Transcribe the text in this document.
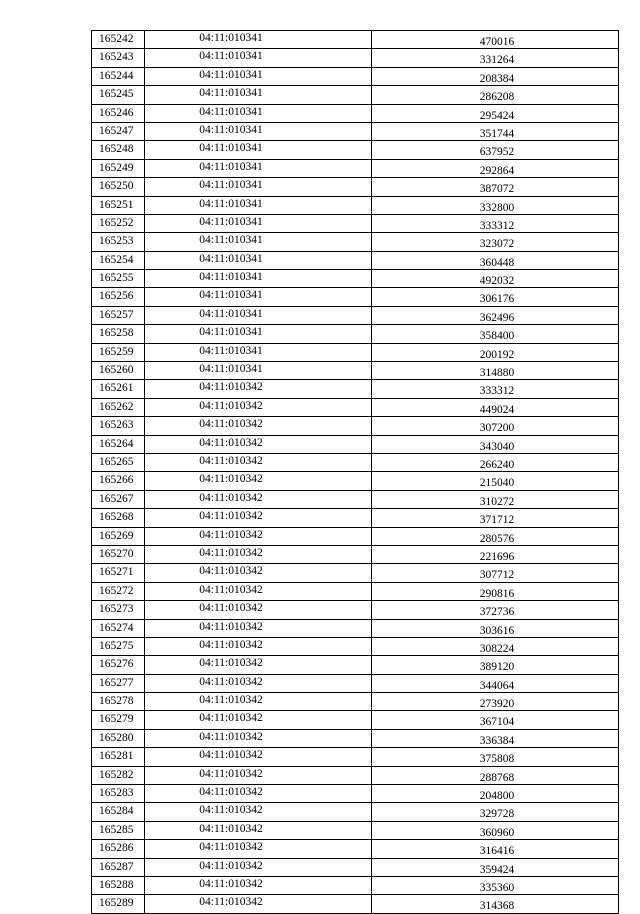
165242	04:11:010341	470016
165243	04:11:010341	331264
165244	04:11:010341	208384
165245	04:11:010341	286208
165246	04:11:010341	295424
165247	04:11:010341	351744
165248	04:11:010341	637952
165249	04:11:010341	292864
165250	04:11:010341	387072
165251	04:11:010341	332800
165252	04:11:010341	333312
165253	04:11:010341	323072
165254	04:11:010341	360448
165255	04:11:010341	492032
165256	04:11:010341	306176
165257	04:11:010341	362496
165258	04:11:010341	358400
165259	04:11:010341	200192
165260	04:11:010341	314880
165261	04:11:010342	333312
165262	04:11:010342	449024
165263	04:11:010342	307200
165264	04:11:010342	343040
165265	04:11:010342	266240
165266	04:11:010342	215040
165267	04:11:010342	310272
165268	04:11:010342	371712
165269	04:11:010342	280576
165270	04:11:010342	221696
165271	04:11:010342	307712
165272	04:11:010342	290816
165273	04:11:010342	372736
165274	04:11:010342	303616
165275	04:11:010342	308224
165276	04:11:010342	389120
165277	04:11:010342	344064
165278	04:11:010342	273920
165279	04:11:010342	367104
165280	04:11:010342	336384
165281	04:11:010342	375808
165282	04:11:010342	288768
165283	04:11:010342	204800
165284	04:11:010342	329728
165285	04:11:010342	360960
165286	04:11:010342	316416
165287	04:11:010342	359424
165288	04:11:010342	335360
165289	04:11:010342	314368
